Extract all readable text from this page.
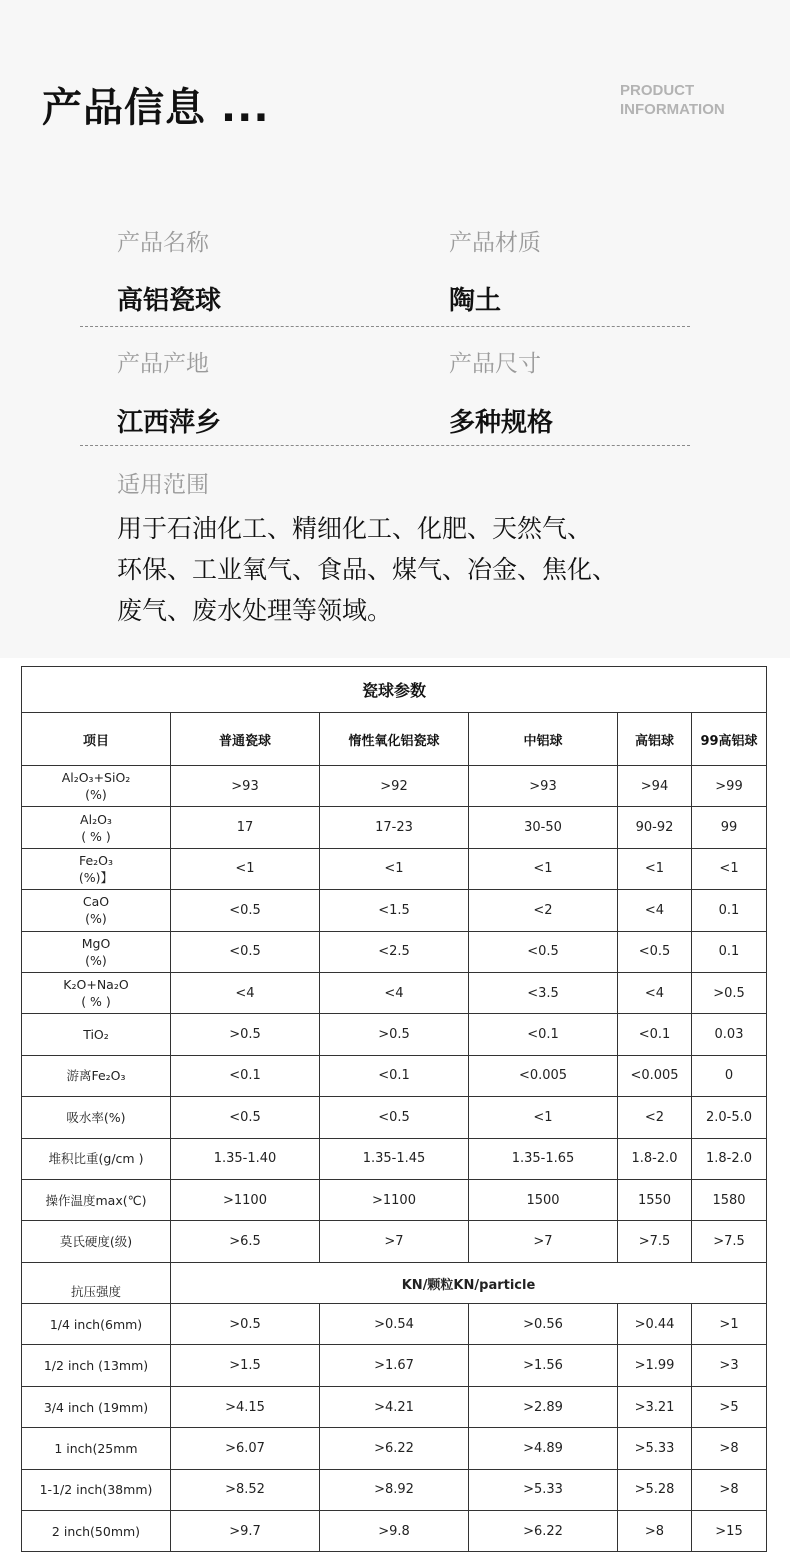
产品信息 ...	PRODUCT
INFORMATION
产品名称	产品材质
高铝瓷球	陶土
产品产地	产品尺寸
江西萍乡	多种规格
适用范围
用于石油化工、精细化工、化肥、天然气、
环保、工业氧气、食品、煤气、冶金、焦化、
废气、废水处理等领域。
瓷球参数					
项目	普通瓷球	惰性氧化铝瓷球	中铝球	高铝球	99高铝球

Al₂O₃+SiO₂
(%)	>93	>92	>93	>94	>99

Al₂O₃
( % )	17	17-23	30-50	90-92	99

Fe₂O₃
(%)】	<1	<1	<1	<1	<1

CaO
(%)	<0.5	<1.5	<2	<4	0.1

MgO
(%)	<0.5	<2.5	<0.5	<0.5	0.1

K₂O+Na₂O
( % )	<4	<4	<3.5	<4	>0.5

TiO₂	>0.5	>0.5	<0.1	<0.1	0.03

游离Fe₂O₃	<0.1	<0.1	<0.005	<0.005	0

吸水率(%)	<0.5	<0.5	<1	<2	2.0-5.0

堆积比重(g/cm )	1.35-1.40	1.35-1.45	1.35-1.65	1.8-2.0	1.8-2.0

操作温度max(℃)	>1100	>1100	1500	1550	1580

莫氏硬度(级)	>6.5	>7	>7	>7.5	>7.5
抗压强度	KN/颗粒KN/particle				
1/4 inch(6mm)	>0.5	>0.54	>0.56	>0.44	>1
1/2 inch (13mm)	>1.5	>1.67	>1.56	>1.99	>3
3/4 inch (19mm)	>4.15	>4.21	>2.89	>3.21	>5
1 inch(25mm	>6.07	>6.22	>4.89	>5.33	>8
1-1/2 inch(38mm)	>8.52	>8.92	>5.33	>5.28	>8
2 inch(50mm)	>9.7	>9.8	>6.22	>8	>15
